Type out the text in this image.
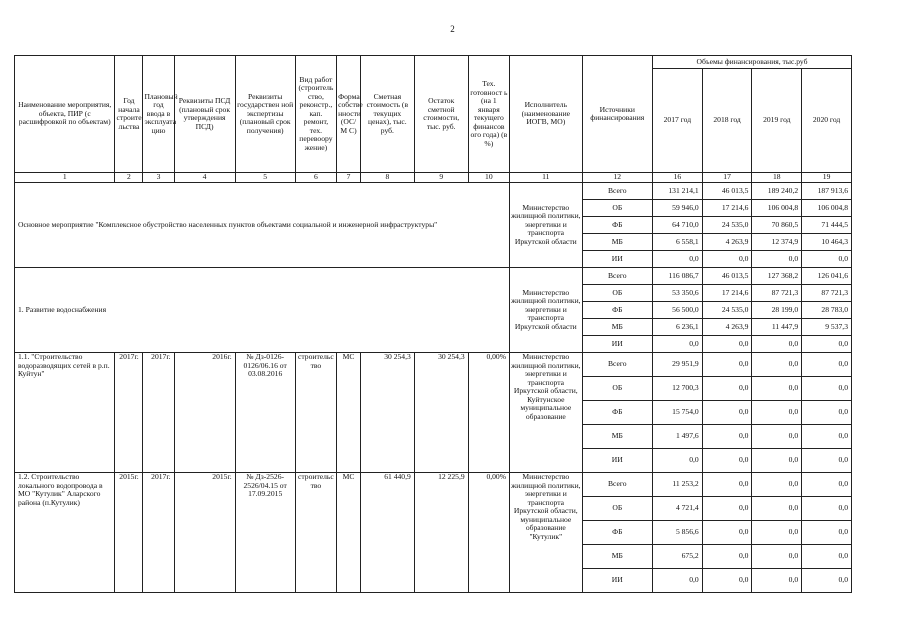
2
Наименование мероприятия, объекта, ПИР (с расшифровкой по объектам)	Год начала строите льства	Плановый год ввода в эксплуата цию	Реквизиты ПСД (плановый срок утверждения ПСД)	Реквизиты государствен ной экспертизы (плановый срок получения)	Вид работ (строитель ство, реконстр., кап. ремонт, тех. перевоору жение)	Форма собстве нности (ОС/М С)	Сметная стоимость (в текущих ценах), тыс. руб.	Остаток сметной стоимости, тыс. руб.	Тех. готовност ь (на 1 января текущего финансов ого года) (в %)	Исполнитель (наименование ИОГВ, МО)	Источники финансирования	Объемы финансирования, тыс.руб			
												2017 год	2018 год	2019 год	2020 год
1	2	3	4	5	6	7	8	9	10	11	12	16	17	18	19
Основное мероприятие "Комплексное обустройство населенных пунктов объектами социальной и инженерной инфраструктуры"										Министерство жилищной политики, энергетики и транспорта Иркутской области	Всего	131 214,1	46 013,5	189 240,2	187 913,6
											ОБ	59 946,0	17 214,6	106 004,8	106 004,8
											ФБ	64 710,0	24 535,0	70 860,5	71 444,5
											МБ	6 558,1	4 263,9	12 374,9	10 464,3
											ИИ	0,0	0,0	0,0	0,0
1. Развитие водоснабжения										Министерство жилищной политики, энергетики и транспорта Иркутской области	Всего	116 086,7	46 013,5	127 368,2	126 041,6
											ОБ	53 350,6	17 214,6	87 721,3	87 721,3
											ФБ	56 500,0	24 535,0	28 199,0	28 783,0
											МБ	6 236,1	4 263,9	11 447,9	9 537,3
											ИИ	0,0	0,0	0,0	0,0
1.1. "Строительство водоразводящих сетей в р.п. Куйтун"	2017г.	2017г.	2016г.	№ Дз-0126-0126/06.16 от 03.08.2016	строительс тво	МС	30 254,3	30 254,3	0,00%	Министерство жилищной политики, энергетики и транспорта Иркутской области, Куйтунское муниципальное образование	Всего	29 951,9	0,0	0,0	0,0
											ОБ	12 700,3	0,0	0,0	0,0
											ФБ	15 754,0	0,0	0,0	0,0
											МБ	1 497,6	0,0	0,0	0,0
											ИИ	0,0	0,0	0,0	0,0
1.2. Строительство локального водопровода в МО "Кутулик" Аларского района (п.Кутулик)	2015г.	2017г.	2015г.	№ Дз-2526-2526/04.15 от 17.09.2015	строительс тво	МС	61 440,9	12 225,9	0,00%	Министерство жилищной политики, энергетики и транспорта Иркутской области, муниципальное образование "Кутулик"	Всего	11 253,2	0,0	0,0	0,0
											ОБ	4 721,4	0,0	0,0	0,0
											ФБ	5 856,6	0,0	0,0	0,0
											МБ	675,2	0,0	0,0	0,0
											ИИ	0,0	0,0	0,0	0,0
